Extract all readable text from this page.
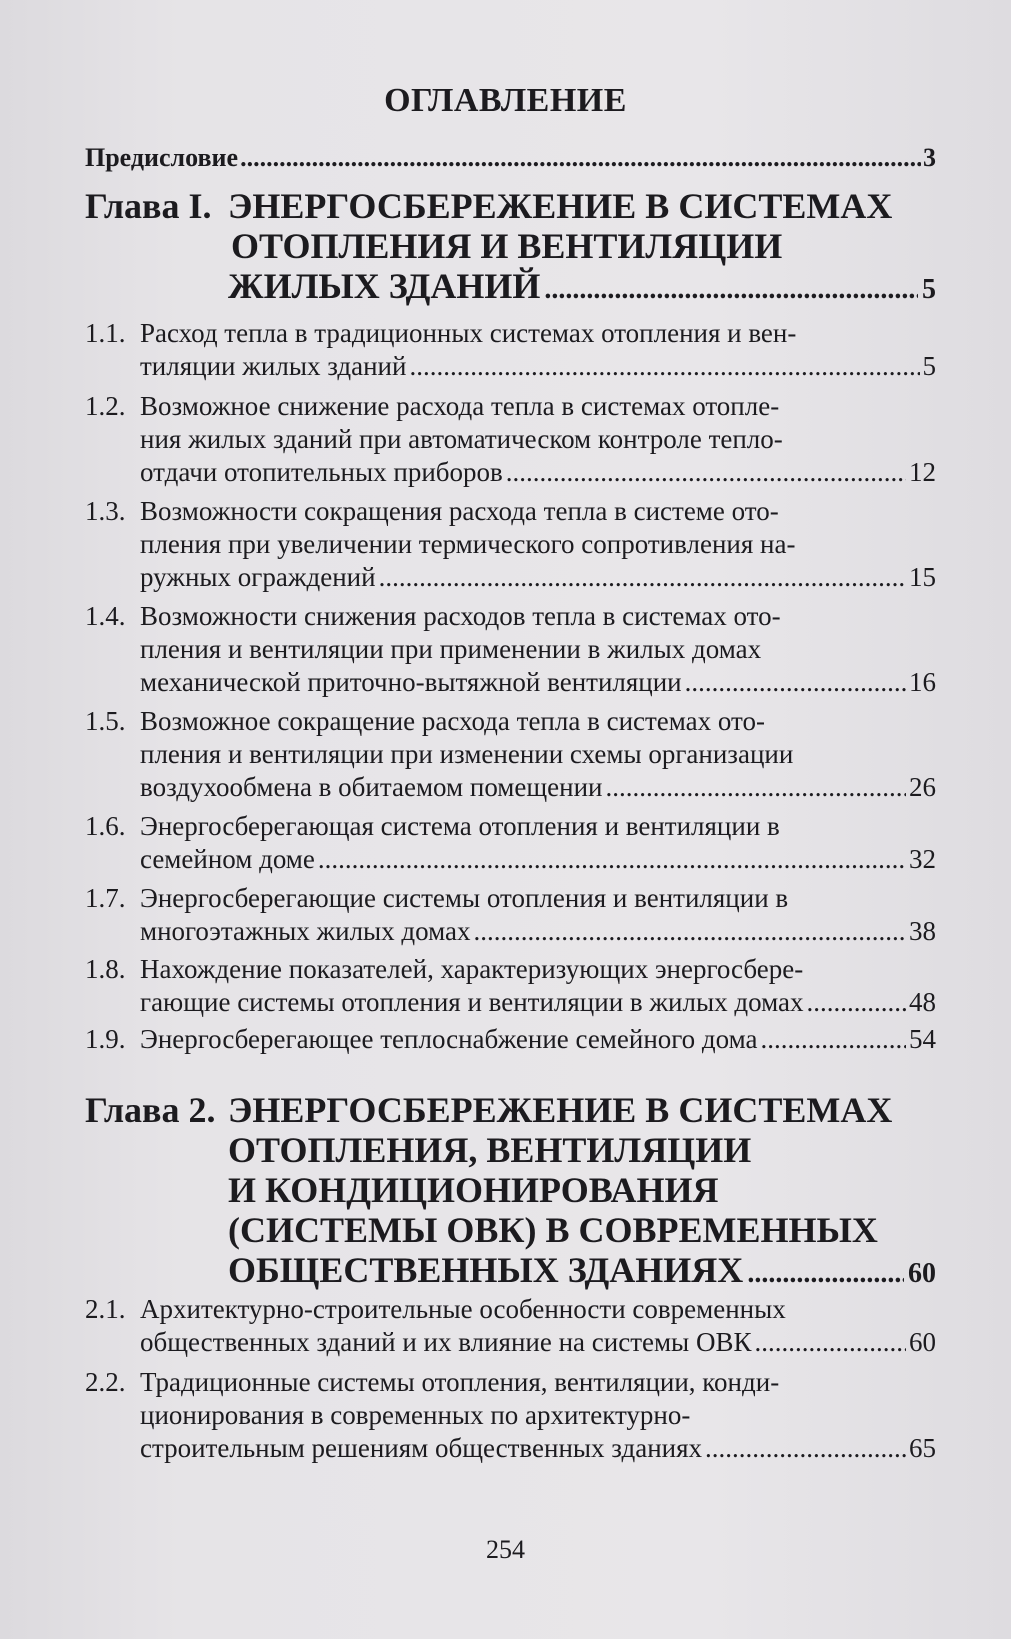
ОГЛАВЛЕНИЕ
Предисловие .....	3
Глава I. ЭНЕРГОСБЕРЕЖЕНИЕ В СИСТЕМАХ
ОТОПЛЕНИЯ И ВЕНТИЛЯЦИИ
ЖИЛЫХ ЗДАНИЙ .....	5
1.1. Расход тепла в традиционных системах отопления и вен-
тиляции жилых зданий .....	5
1.2. Возможное снижение расхода тепла в системах отопле-
ния жилых зданий при автоматическом контроле тепло-
отдачи отопительных приборов .....	12
1.3. Возможности сокращения расхода тепла в системе ото-
пления при увеличении термического сопротивления на-
ружных ограждений .....	15
1.4. Возможности снижения расходов тепла в системах ото-
пления и вентиляции при применении в жилых домах
механической приточно-вытяжной вентиляции .....	16
1.5. Возможное сокращение расхода тепла в системах ото-
пления и вентиляции при изменении схемы организации
воздухообмена в обитаемом помещении .....	26
1.6. Энергосберегающая система отопления и вентиляции в
семейном доме .....	32
1.7. Энергосберегающие системы отопления и вентиляции в
многоэтажных жилых домах .....	38
1.8. Нахождение показателей, характеризующих энергосбере-
гающие системы отопления и вентиляции в жилых домах .....	48
1.9. Энергосберегающее теплоснабжение семейного дома .....	54
Глава 2. ЭНЕРГОСБЕРЕЖЕНИЕ В СИСТЕМАХ
ОТОПЛЕНИЯ, ВЕНТИЛЯЦИИ
И КОНДИЦИОНИРОВАНИЯ
(СИСТЕМЫ ОВК) В СОВРЕМЕННЫХ
ОБЩЕСТВЕННЫХ ЗДАНИЯХ .....	60
2.1. Архитектурно-строительные особенности современных
общественных зданий и их влияние на системы ОВК .....	60
2.2. Традиционные системы отопления, вентиляции, конди-
ционирования в современных по архитектурно-
строительным решениям общественных зданиях .....	65
254
